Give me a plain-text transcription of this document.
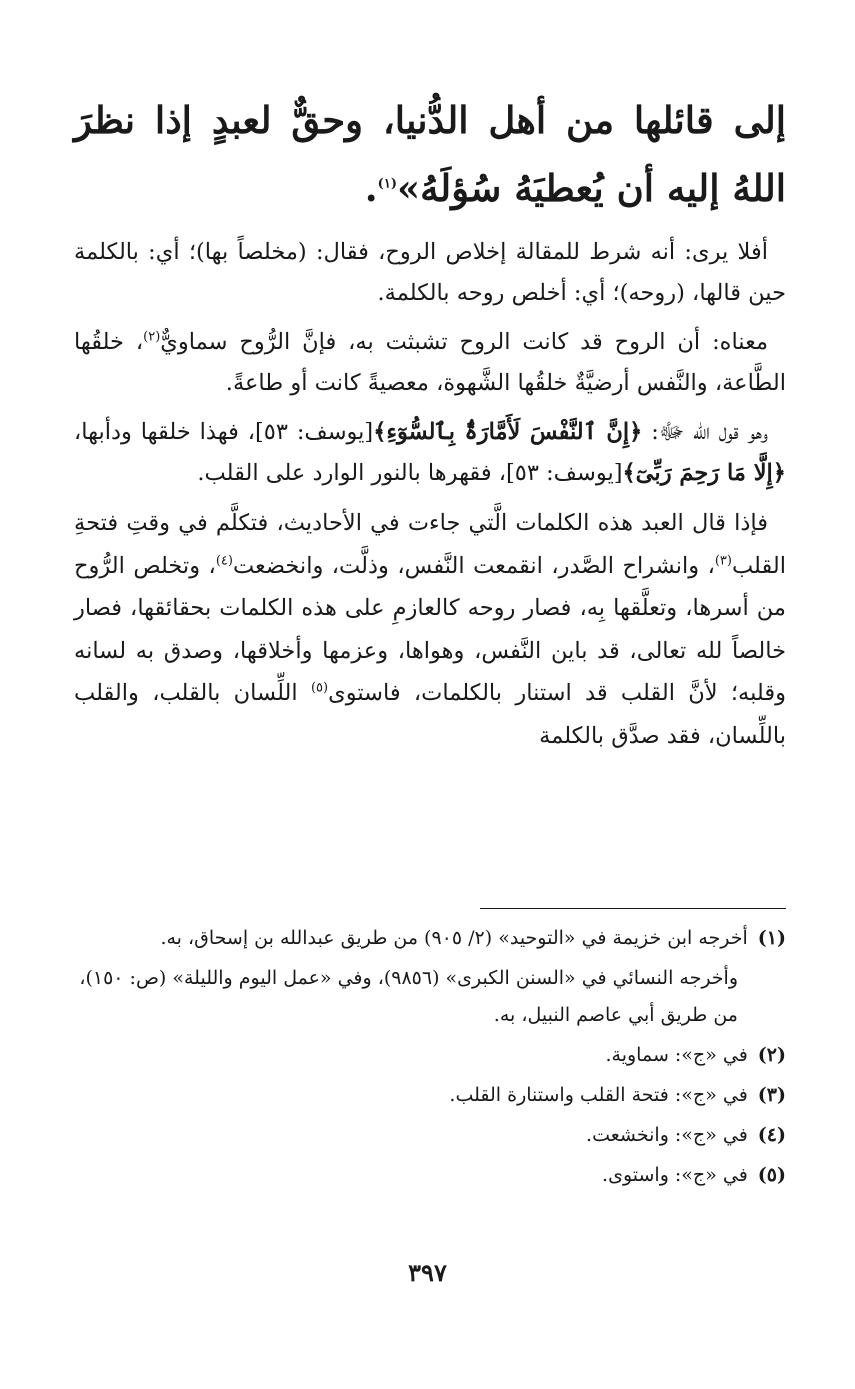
إلى قائلها من أهل الدُّنيا، وحقٌّ لعبدٍ إذا نظرَ اللهُ إليه أن يُعطيَهُ سُؤلَهُ»$^{(١)}$.

أفلا يرى: أنه شرط للمقالة إخلاص الروح، فقال: (مخلصاً بها)؛ أي: بالكلمة حين قالها، (روحه)؛ أي: أخلص روحه بالكلمة.

معناه: أن الروح قد كانت الروح تشبثت به، فإنَّ الرُّوح سماويٌّ$^{(٢)}$، خلقُها الطَّاعة، والنَّفس أرضيَّةٌ خلقُها الشَّهوة، معصيةً كانت أو طاعةً.

وهو قول الله ﷻ: ﴿إِنَّ ٱلنَّفْسَ لَأَمَّارَةٌۢ بِٱلسُّوٓءِ﴾[يوسف: ٥٣]، فهذا خلقها ودأبها، ﴿إِلَّا مَا رَحِمَ رَبِّىٓ﴾[يوسف: ٥٣]، فقهرها بالنور الوارد على القلب.

فإذا قال العبد هذه الكلمات الَّتي جاءت في الأحاديث، فتكلَّم في وقتِ فتحةِ القلب$^{(٣)}$، وانشراح الصَّدر، انقمعت النَّفس، وذلَّت، وانخضعت$^{(٤)}$، وتخلص الرُّوح من أسرها، وتعلَّقها بِه، فصار روحه كالعازمِ على هذه الكلمات بحقائقها، فصار خالصاً لله تعالى، قد باين النَّفس، وهواها، وعزمها وأخلاقها، وصدق به لسانه وقلبه؛ لأنَّ القلب قد استنار بالكلمات، فاستوى$^{(٥)}$ اللِّسان بالقلب، والقلب باللِّسان، فقد صدَّق بالكلمة

(١)أخرجه ابن خزيمة في «التوحيد» (٢/ ٩٠٥) من طريق عبدالله بن إسحاق، به.
وأخرجه النسائي في «السنن الكبرى» (٩٨٥٦)، وفي «عمل اليوم والليلة» (ص: ١٥٠)، من طريق أبي عاصم النبيل، به.
(٢)في «ج»: سماوية.
(٣)في «ج»: فتحة القلب واستنارة القلب.
(٤)في «ج»: وانخشعت.
(٥)في «ج»: واستوى.
٣٩٧
